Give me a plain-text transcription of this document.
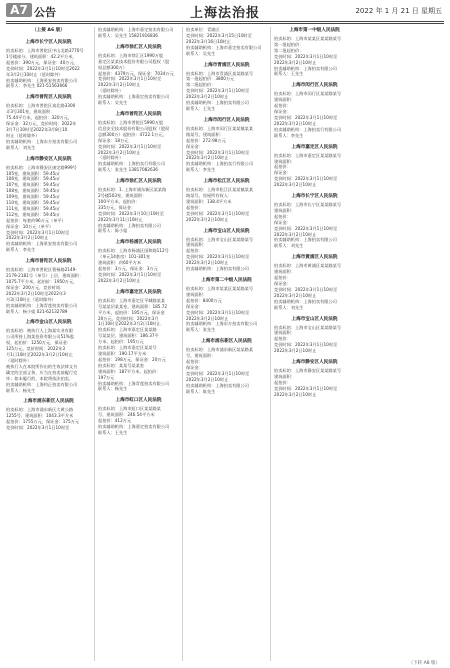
A7 公告	上海法治报	2022 年 1 月 21 日 星期五
（上接 A6 版）
上海市长宁区人民法院
拍卖标的：上海市普陀区中山北路3770号
1号楼部分，建筑面积：42.2平方米，
起拍价：390万元，保证金：40万元，
竞价时间：2022年3月1日10时至2022
年3月2日10时止（延时除外）
拍卖辅助机构：上海景安拍卖有限公司
联系人：李先生 021-51563666
上海市普陀区人民法院
拍卖标的：上海市普陀区真北路3300
弄3号301室，建筑面积：
75.44平方米，起拍价：320万元，
保证金：32万元，竞价时间：2022年
3月7日10时至2022年3月8日10
时止（延时除外）
拍卖辅助机构：上海东方拍卖有限公司
联系人：刘先生
上海市静安区人民法院
拍卖标的：上海市静安区康定路999号
105室，建筑面积：59.45㎡
106室，建筑面积：59.45㎡
107室，建筑面积：59.45㎡
108室，建筑面积：59.45㎡
109室，建筑面积：59.45㎡
110室，建筑面积：59.45㎡
111室，建筑面积：59.45㎡
112室，建筑面积：59.45㎡
起拍价：每套约96万元（单平）
保证金：10万元（单平）
竞价时间：2022年3月1日10时至
2022年3月2日10时止
拍卖辅助机构：上海景安拍卖有限公司
联系人：李先生
上海市普陀区人民法院
拍卖标的：上海市普陀区曹杨路2149-
2179-2181号（单号）上层，建筑面积：
1075.7平方米，起拍价：1950万元，
保证金：200万元，竞价时间：
2022年3月2日10时至2022年3
月3日10时止（延时除外）
拍卖辅助机构：上海青莲拍卖有限公司
联系人：杨小姐 021-62132789
上海市金山区人民法院
拍卖标的：被执行人上海某实业有限
公司所持上海某投资有限公司51%股
权，起拍价：1250万元，保证金：
125万元，竞价时间：2022年3
月1日10时至2022年3月2日10时止
（延时除外）
被执行人在本院所作出的生效法律文书
确定的全部义务，应当在拍卖前履行完
毕；如未履行的，本院将依法拍卖。
拍卖辅助机构：上海钧正拍卖有限公司
联系人：杨先生
上海市浦东新区人民法院
拍卖标的：上海市浦东新区大黄公路
1255号，建筑面积：1043.3平方米
起拍价：1755万元，保证金：175万元
竞价时间：2022年3月1日10时至
拍卖辅助机构：上海市嘉定拍卖有限公司
联系人：吴先生 15821916836
上海市徐汇区人民法院
拍卖标的：上海市徐汇区1990万股
嘉定区某某技术股份有限公司股权（股
权总额300万）
起拍价：4379万元，保证金：7034万元
竞价时间：2022年3月1日10时至
2022年3月2日10时止
（延时除外）
拍卖辅助机构：上海嘉定拍卖有限公司
联系人：吴先生
上海市普陀区人民法院
拍卖标的：上海市普陀区5990万股
信息安全技术股份有限公司股权（股权
总额300万）起拍价：4722.1万元，
保证金：18万元
竞价时间：2022年3月1日10时至
2022年3月2日10时止
（延时除外）
拍卖辅助机构：上海拍卖行有限公司
联系人：张先生 13817082636
上海市徐汇区人民法院
拍卖标的：1. 上海市浦东新区某某路
2号楼503室，建筑面积：
100平方米，起拍价：
335万元，保证金：
竞价时间：2022年3月10日10时至
2022年3月11日10时止
拍卖辅助机构：上海拍卖有限公司
联系人：陈小姐
上海市杨浦区人民法院
拍卖标的：上海市杨浦区国和路112号
（单元14套房）101-301室
建筑面积：约60平方米
起拍价：3万元，保证金：3万元
竞价时间：2022年3月1日10时至
2022年3月2日10时止
上海市嘉定区人民法院
拍卖标的：上海市嘉定区平城路某某
号某某层某某室，建筑面积：185.72
平方米，起拍价：195万元，保证金
20万元，竞价时间：2022年3月
1日10时至2022年3月2日10时止
拍卖标的：上海市嘉定区某某路
号某某层，建筑面积：186.37平
方米，起拍价：195万元
拍卖标的：上海市嘉定区某某号
建筑面积：190.17平方米
起拍价：198万元，保证金：20万元
拍卖标的：某某号某某室
建筑面积：187平方米，起拍价：
197万元
拍卖辅助机构：上海青莲拍卖有限公司
联系人：杨先生
上海市虹口区人民法院
拍卖标的：上海市虹口区某某路某
号，建筑面积：246.54平方米
起拍价：412万元
拍卖辅助机构：上海嘉定拍卖有限公司
联系人：王先生
拍卖单位：青浦区
竞价时间：2022年3月15日10时至
2022年3月16日10时止
拍卖辅助机构：上海市嘉定拍卖有限公司
联系人：吴先生
上海市青浦区人民法院
拍卖标的：上海市青浦区某某路某号
第一批起拍价：3800万元
第二批起拍价：
竞价时间：2022年3月1日10时至
2022年3月2日10时止
拍卖辅助机构：上海拍卖有限公司
联系人：王先生
上海市闵行区人民法院
拍卖标的：上海市闵行区某某镇某某
路某号，建筑面积：
起拍价：272.98万元
保证金：
竞价时间：2022年3月1日10时至
2022年3月2日10时止
拍卖辅助机构：上海拍卖行有限公司
联系人：李先生
上海市松江区人民法院
拍卖标的：上海市松江区某某镇某某
路某号，房屋所有权人：
建筑面积：138.4平方米
起拍价：
竞价时间：2022年3月1日10时至
2022年3月2日10时止
上海市宝山区人民法院
拍卖标的：上海市宝山区某某路某号
建筑面积：
起拍价：
竞价时间：2022年3月1日10时至
2022年3月2日10时止
拍卖辅助机构：上海拍卖有限公司
上海市第二中级人民法院
拍卖标的：上海市某某区某某路某号
建筑面积：
起拍价：8400万元
保证金：
竞价时间：2022年3月1日10时至
2022年3月2日10时止
拍卖辅助机构：上海东方拍卖有限公司
联系人：张先生
上海市浦东新区人民法院
拍卖标的：上海市浦东新区某某路某
号，建筑面积：
起拍价：
保证金：
竞价时间：2022年3月1日10时至
2022年3月2日10时止
拍卖辅助机构：上海拍卖有限公司
联系人：陈先生
上海市第一中级人民法院
拍卖标的：上海市某某区某某路某号
第一批起拍价：
第二批起拍价：
竞价时间：2022年3月1日10时至
2022年3月2日10时止
拍卖辅助机构：上海拍卖有限公司
联系人：王先生
上海市闵行区人民法院
拍卖标的：上海市闵行区某某路某号
建筑面积：
起拍价：
保证金：
竞价时间：2022年3月1日10时至
2022年3月2日10时止
拍卖辅助机构：上海拍卖行有限公司
联系人：李先生
上海市嘉定区人民法院
拍卖标的：上海市嘉定区某某路某号
建筑面积：
起拍价：
保证金：
竞价时间：2022年3月1日10时至
2022年3月2日10时止
上海市长宁区人民法院
拍卖标的：上海市长宁区某某路某号
建筑面积：
起拍价：
保证金：
竞价时间：2022年3月1日10时至
2022年3月2日10时止
拍卖辅助机构：上海拍卖有限公司
联系人：刘先生
上海市黄浦区人民法院
拍卖标的：上海市黄浦区某某路某号
建筑面积：
起拍价：
保证金：
竞价时间：2022年3月1日10时至
2022年3月2日10时止
拍卖辅助机构：上海拍卖有限公司
联系人：刘先生
上海市宝山区人民法院
拍卖标的：上海市宝山区某某路某号
建筑面积：
起拍价：
竞价时间：2022年3月1日10时至
2022年3月2日10时止
上海市静安区人民法院
拍卖标的：上海市静安区某某路某号
建筑面积：
起拍价：
竞价时间：2022年3月1日10时至
2022年3月2日10时止
（下转 A8 版）
